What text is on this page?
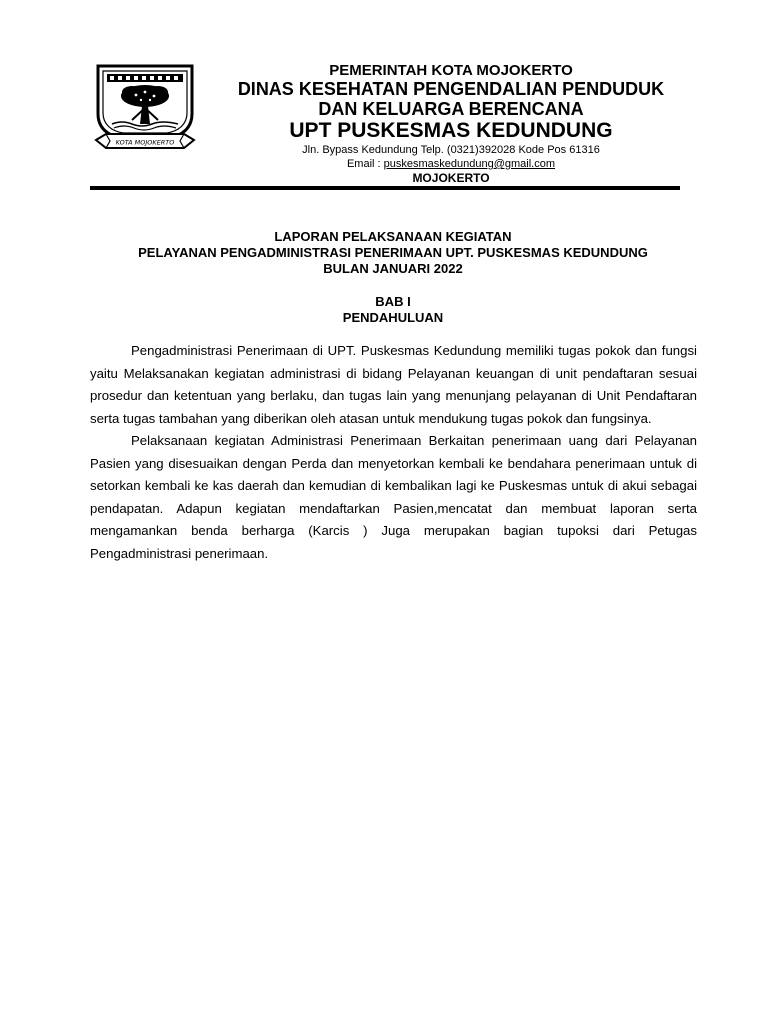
KOTA MOJOKERTO
PEMERINTAH KOTA MOJOKERTO
DINAS KESEHATAN PENGENDALIAN PENDUDUK
DAN KELUARGA BERENCANA
UPT PUSKESMAS KEDUNDUNG
Jln. Bypass Kedundung Telp. (0321)392028 Kode Pos 61316
Email : puskesmaskedundung@gmail.com
MOJOKERTO
LAPORAN PELAKSANAAN KEGIATAN
PELAYANAN PENGADMINISTRASI PENERIMAAN UPT. PUSKESMAS KEDUNDUNG
BULAN JANUARI 2022
BAB I
PENDAHULUAN

Pengadministrasi Penerimaan di UPT. Puskesmas Kedundung memiliki tugas pokok dan fungsi yaitu Melaksanakan kegiatan administrasi di bidang Pelayanan keuangan di unit pendaftaran sesuai prosedur dan ketentuan yang berlaku, dan tugas lain yang menunjang pelayanan di Unit Pendaftaran serta tugas tambahan yang diberikan oleh atasan untuk mendukung tugas pokok dan fungsinya.

Pelaksanaan kegiatan Administrasi Penerimaan Berkaitan penerimaan uang dari Pelayanan Pasien yang disesuaikan dengan Perda dan menyetorkan kembali ke bendahara penerimaan untuk di setorkan kembali ke kas daerah dan kemudian di kembalikan lagi ke Puskesmas untuk di akui sebagai pendapatan. Adapun kegiatan mendaftarkan Pasien,mencatat dan membuat laporan serta mengamankan benda berharga (Karcis ) Juga merupakan bagian tupoksi dari Petugas Pengadministrasi penerimaan.
